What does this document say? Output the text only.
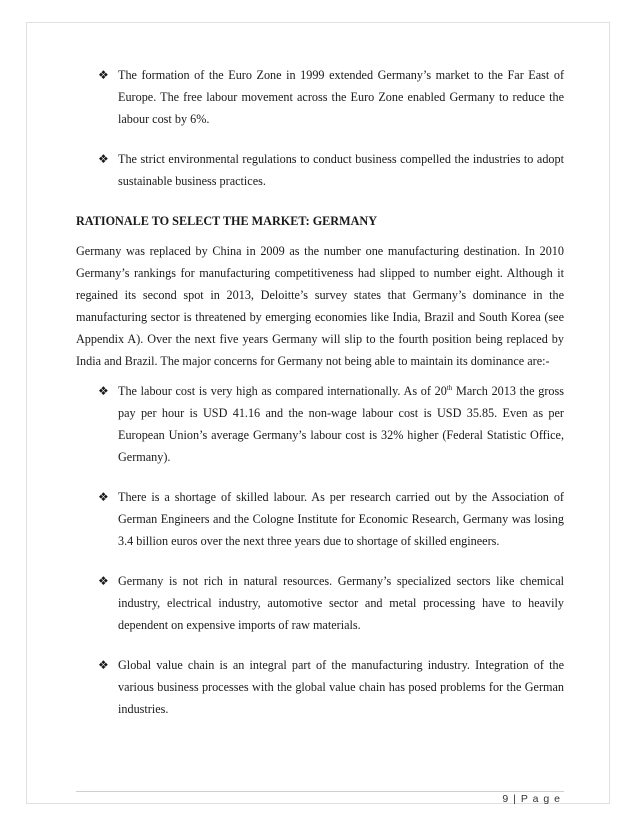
❖ The formation of the Euro Zone in 1999 extended Germany’s market to the Far East of Europe. The free labour movement across the Euro Zone enabled Germany to reduce the labour cost by 6%.
❖ The strict environmental regulations to conduct business compelled the industries to adopt sustainable business practices.
RATIONALE TO SELECT THE MARKET: GERMANY

Germany was replaced by China in 2009 as the number one manufacturing destination. In 2010 Germany’s rankings for manufacturing competitiveness had slipped to number eight. Although it regained its second spot in 2013, Deloitte’s survey states that Germany’s dominance in the manufacturing sector is threatened by emerging economies like India, Brazil and South Korea (see Appendix A). Over the next five years Germany will slip to the fourth position being replaced by India and Brazil. The major concerns for Germany not being able to maintain its dominance are:-

❖ The labour cost is very high as compared internationally. As of 20th March 2013 the gross pay per hour is USD 41.16 and the non-wage labour cost is USD 35.85. Even as per European Union’s average Germany’s labour cost is 32% higher (Federal Statistic Office, Germany).
❖ There is a shortage of skilled labour. As per research carried out by the Association of German Engineers and the Cologne Institute for Economic Research, Germany was losing 3.4 billion euros over the next three years due to shortage of skilled engineers.
❖ Germany is not rich in natural resources. Germany’s specialized sectors like chemical industry, electrical industry, automotive sector and metal processing have to heavily dependent on expensive imports of raw materials.
❖ Global value chain is an integral part of the manufacturing industry. Integration of the various business processes with the global value chain has posed problems for the German industries.
9 | P a g e
